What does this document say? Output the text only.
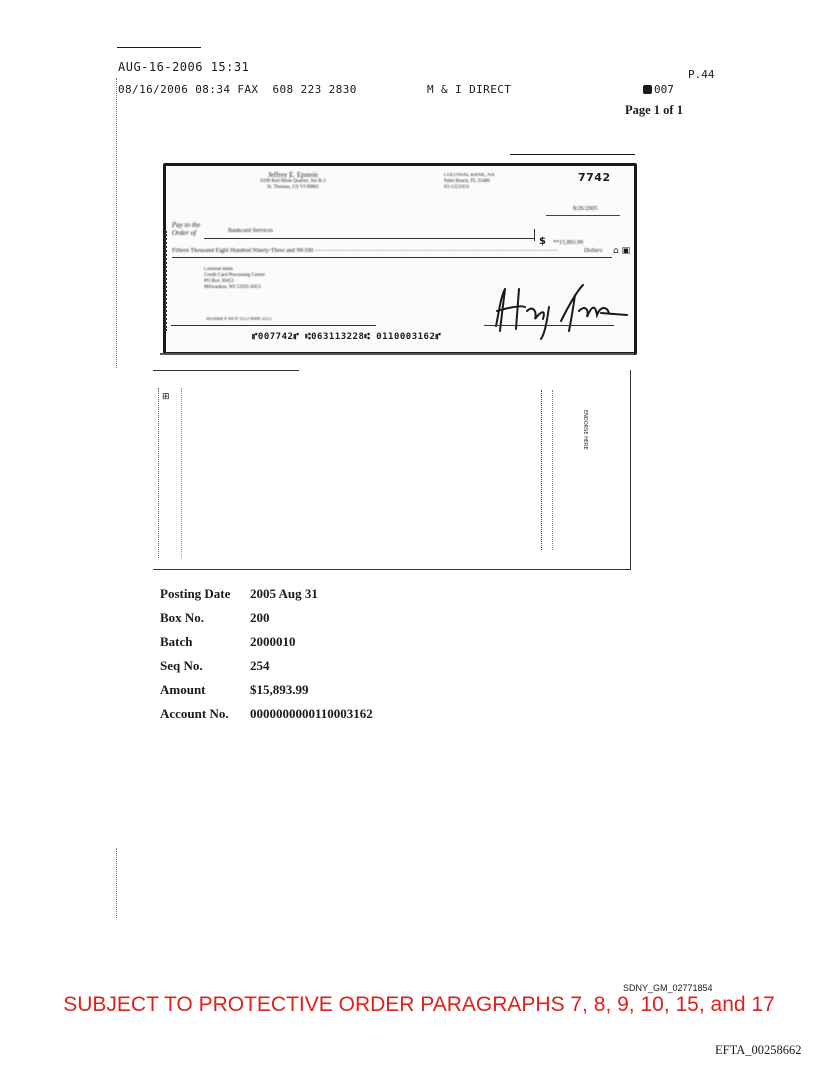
AUG-16-2006 15:31
08/16/2006 08:34 FAX  608 223 2830          M & I DIRECT
P.44
007
Page 1 of 1
Jeffrey E. Epstein
6100 Red Hook Quarter, Ste B-3
St. Thomas, US VI 00802
COLONIAL BANK, NA
Palm Beach, FL 33480
63-1323/631
7742
8/26/2005
Pay to the Order of	Bankcard Services
$ **15,893.99
Fifteen Thousand Eight Hundred Ninety-Three and 99/100 ---------------------------------------------------------------------------------	Dollars ⌂ ▣
Colonial Bank
Credit Card Processing Center
PO Box 30453
Milwaukee, WI 53201-0453
Account # 4470 1153 6600 3213
⑈007742⑈ ⑆063113228⑆ 0110003162⑈
⊞
ENDORSE HERE
Posting Date	2005 Aug 31
Box No.	200
Batch	2000010
Seq No.	254
Amount	$15,893.99
Account No.	0000000000110003162
SDNY_GM_02771854
SUBJECT TO PROTECTIVE ORDER PARAGRAPHS 7, 8, 9, 10, 15, and 17
EFTA_00258662
